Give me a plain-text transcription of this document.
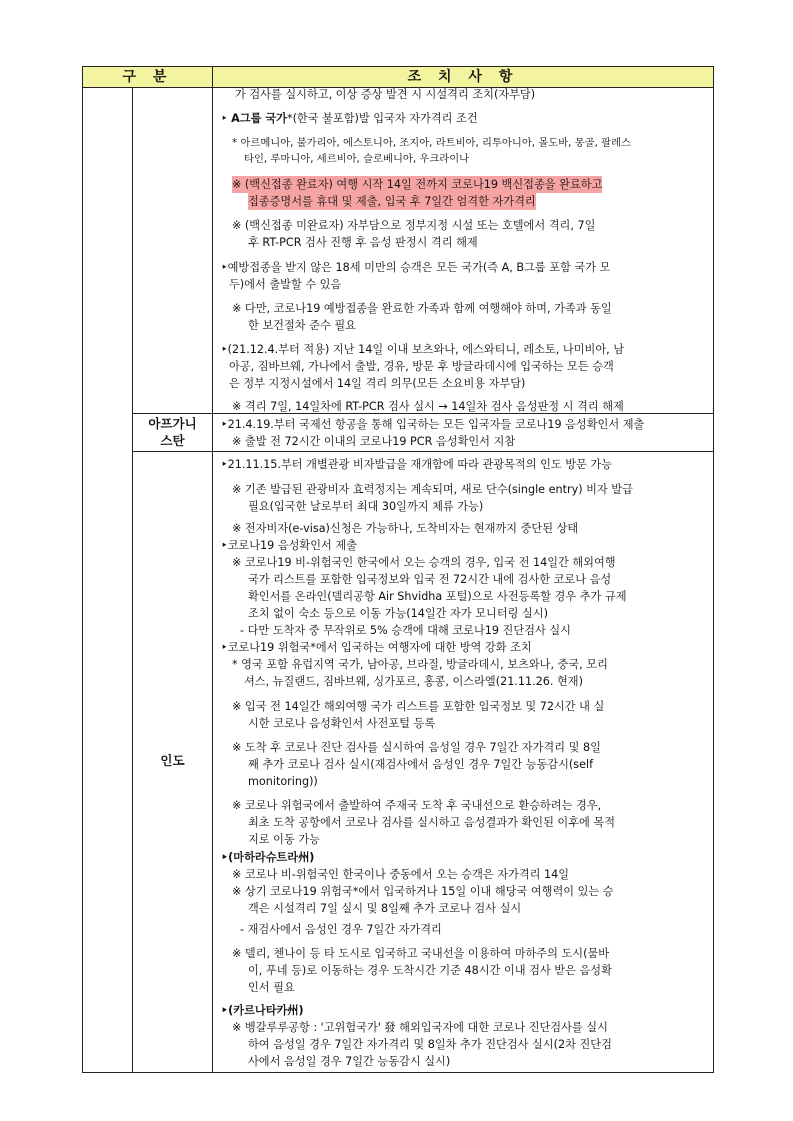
구 분	조 치 사 항
아프가니
스탄
인도
가 검사를 실시하고, 이상 증상 발견 시 시설격리 조치(자부담)
‣ A그룹 국가*(한국 불포함)발 입국자 자가격리 조건
* 아르메니아, 불가리아, 에스토니아, 조지아, 라트비아, 리투아니아, 몰도바, 몽골, 팔레스
타인, 루마니아, 세르비아, 슬로베니아, 우크라이나
※ (백신접종 완료자) 여행 시작 14일 전까지 코로나19 백신접종을 완료하고
접종증명서를 휴대 및 제출, 입국 후 7일간 엄격한 자가격리
※ (백신접종 미완료자) 자부담으로 정부지정 시설 또는 호텔에서 격리, 7일
후 RT-PCR 검사 진행 후 음성 판정시 격리 해제
‣예방접종을 받지 않은 18세 미만의 승객은 모든 국가(즉 A, B그룹 포함 국가 모
두)에서 출발할 수 있음
※ 다만, 코로나19 예방접종을 완료한 가족과 함께 여행해야 하며, 가족과 동일
한 보건절차 준수 필요
‣(21.12.4.부터 적용) 지난 14일 이내 보츠와나, 에스와티니, 레소토, 나미비아, 남
아공, 짐바브웨, 가나에서 출발, 경유, 방문 후 방글라데시에 입국하는 모든 승객
은 정부 지정시설에서 14일 격리 의무(모든 소요비용 자부담)
※ 격리 7일, 14일차에 RT-PCR 검사 실시 → 14일차 검사 음성판정 시 격리 해제
‣21.4.19.부터 국제선 항공을 통해 입국하는 모든 입국자들 코로나19 음성확인서 제출
※ 출발 전 72시간 이내의 코로나19 PCR 음성확인서 지참
‣21.11.15.부터 개별관광 비자발급을 재개함에 따라 관광목적의 인도 방문 가능
※ 기존 발급된 관광비자 효력정지는 계속되며, 새로 단수(single entry) 비자 발급
필요(입국한 날로부터 최대 30일까지 체류 가능)
※ 전자비자(e-visa)신청은 가능하나, 도착비자는 현재까지 중단된 상태
‣코로나19 음성확인서 제출
※ 코로나19 비-위험국인 한국에서 오는 승객의 경우, 입국 전 14일간 해외여행
국가 리스트를 포함한 입국정보와 입국 전 72시간 내에 검사한 코로나 음성
확인서를 온라인(델리공항 Air Shvidha 포털)으로 사전등록할 경우 추가 규제
조치 없이 숙소 등으로 이동 가능(14일간 자가 모니터링 실시)
- 다만 도착자 중 무작위로 5% 승객에 대해 코로나19 진단검사 실시
‣코로나19 위험국*에서 입국하는 여행자에 대한 방역 강화 조치
* 영국 포함 유럽지역 국가, 남아공, 브라질, 방글라데시, 보츠와나, 중국, 모리
셔스, 뉴질랜드, 짐바브웨, 싱가포르, 홍콩, 이스라엘(21.11.26. 현재)
※ 입국 전 14일간 해외여행 국가 리스트를 포함한 입국정보 및 72시간 내 실
시한 코로나 음성확인서 사전포털 등록
※ 도착 후 코로나 진단 검사를 실시하여 음성일 경우 7일간 자가격리 및 8일
째 추가 코로나 검사 실시(재검사에서 음성인 경우 7일간 능동감시(self
monitoring))
※ 코로나 위험국에서 출발하여 주재국 도착 후 국내선으로 환승하려는 경우,
최초 도착 공항에서 코로나 검사를 실시하고 음성결과가 확인된 이후에 목적
지로 이동 가능
‣(마하라슈트라州)
※ 코로나 비-위험국인 한국이나 중동에서 오는 승객은 자가격리 14일
※ 상기 코로나19 위험국*에서 입국하거나 15일 이내 해당국 여행력이 있는 승
객은 시설격리 7일 실시 및 8일째 추가 코로나 검사 실시
- 재검사에서 음성인 경우 7일간 자가격리
※ 델리, 첸나이 등 타 도시로 입국하고 국내선을 이용하여 마하주의 도시(뭄바
이, 푸네 등)로 이동하는 경우 도착시간 기준 48시간 이내 검사 받은 음성확
인서 필요
‣(카르나타카州)
※ 벵갈루루공항 : '고위험국가' 發 해외입국자에 대한 코로나 진단검사를 실시
하여 음성일 경우 7일간 자가격리 및 8일차 추가 진단검사 실시(2차 진단검
사에서 음성일 경우 7일간 능동감시 실시)
